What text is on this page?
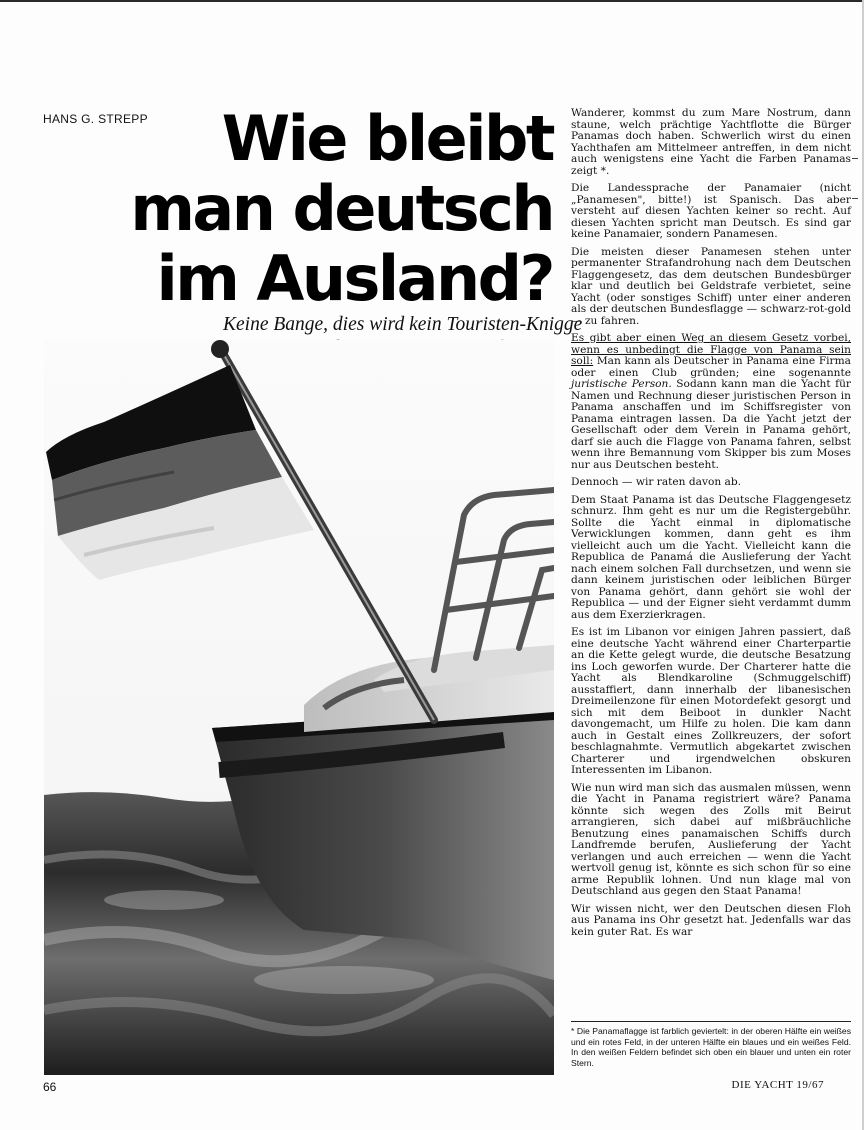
HANS G. STREPP	Wie bleibt
man deutsch
im Ausland?
Keine Bange, dies wird kein Touristen-Knigge

Wanderer, kommst du zum Mare Nostrum, dann staune, welch prächtige Yachtflotte die Bürger Panamas doch haben. Schwerlich wirst du einen Yachthafen am Mittelmeer antreffen, in dem nicht auch wenigstens eine Yacht die Farben Panamas zeigt *.

Die Landessprache der Panamaier (nicht „Panamesen", bitte!) ist Spanisch. Das aber versteht auf diesen Yachten keiner so recht. Auf diesen Yachten spricht man Deutsch. Es sind gar keine Panamaier, sondern Panamesen.

Die meisten dieser Panamesen stehen unter permanenter Strafandrohung nach dem Deutschen Flaggengesetz, das dem deutschen Bundesbürger klar und deutlich bei Geldstrafe verbietet, seine Yacht (oder sonstiges Schiff) unter einer anderen als der deutschen Bundesflagge — schwarz-rot-gold — zu fahren.

Es gibt aber einen Weg an diesem Gesetz vorbei, wenn es unbedingt die Flagge von Panama sein soll: Man kann als Deutscher in Panama eine Firma oder einen Club gründen; eine sogenannte juristische Person. Sodann kann man die Yacht für Namen und Rechnung dieser juristischen Person in Panama anschaffen und im Schiffsregister von Panama eintragen lassen. Da die Yacht jetzt der Gesellschaft oder dem Verein in Panama gehört, darf sie auch die Flagge von Panama fahren, selbst wenn ihre Bemannung vom Skipper bis zum Moses nur aus Deutschen besteht.

Dennoch — wir raten davon ab.

Dem Staat Panama ist das Deutsche Flaggengesetz schnurz. Ihm geht es nur um die Registergebühr. Sollte die Yacht einmal in diplomatische Verwicklungen kommen, dann geht es ihm vielleicht auch um die Yacht. Vielleicht kann die Republica de Panamá die Auslieferung der Yacht nach einem solchen Fall durchsetzen, und wenn sie dann keinem juristischen oder leiblichen Bürger von Panama gehört, dann gehört sie wohl der Republica — und der Eigner sieht verdammt dumm aus dem Exerzierkragen.

Es ist im Libanon vor einigen Jahren passiert, daß eine deutsche Yacht während einer Charterpartie an die Kette gelegt wurde, die deutsche Besatzung ins Loch geworfen wurde. Der Charterer hatte die Yacht als Blendkaroline (Schmuggelschiff) ausstaffiert, dann innerhalb der libanesischen Dreimeilenzone für einen Motordefekt gesorgt und sich mit dem Beiboot in dunkler Nacht davongemacht, um Hilfe zu holen. Die kam dann auch in Gestalt eines Zollkreuzers, der sofort beschlagnahmte. Vermutlich abgekartet zwischen Charterer und irgendwelchen obskuren Interessenten im Libanon.

Wie nun wird man sich das ausmalen müssen, wenn die Yacht in Panama registriert wäre? Panama könnte sich wegen des Zolls mit Beirut arrangieren, sich dabei auf mißbräuchliche Benutzung eines panamaischen Schiffs durch Landfremde berufen, Auslieferung der Yacht verlangen und auch erreichen — wenn die Yacht wertvoll genug ist, könnte es sich schon für so eine arme Republik lohnen. Und nun klage mal von Deutschland aus gegen den Staat Panama!

Wir wissen nicht, wer den Deutschen diesen Floh aus Panama ins Ohr gesetzt hat. Jedenfalls war das kein guter Rat. Es war

* Die Panamaflagge ist farblich geviertelt: in der oberen Hälfte ein weißes und ein rotes Feld, in der unteren Hälfte ein blaues und ein weißes Feld. In den weißen Feldern befindet sich oben ein blauer und unten ein roter Stern.
66	DIE YACHT 19/67
